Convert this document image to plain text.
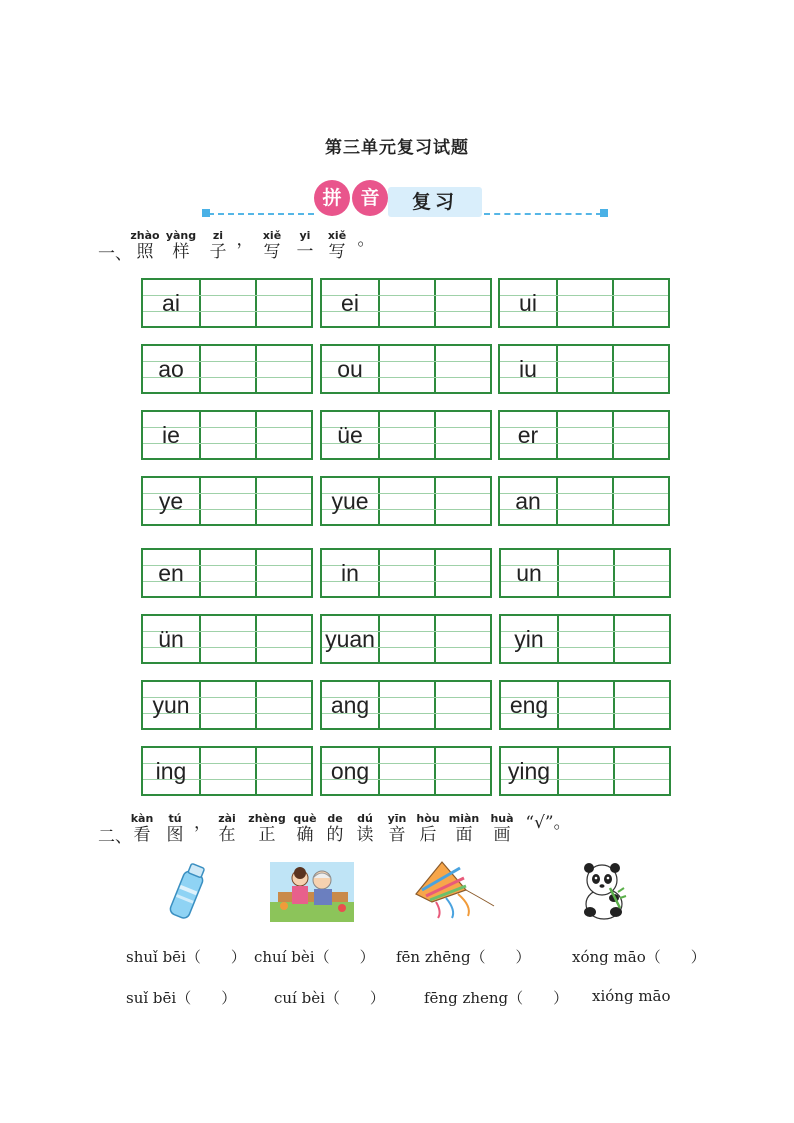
第三单元复习试题
拼 音	复习
一、
zhào
照
yàng
样
zi
子
， xiě
写
yi
一
xiě
写
。
ai	ei	ui
ao	ou	iu
ie	üe	er
ye	yue	an
en	in	un
ün	yuan	yin
yun	ang	eng
ing	ong	ying
二、
kàn
看
tú
图
， zài
在
zhèng
正
què
确
de
的
dú
读
yīn
音
hòu
后
miàn
面
huà
画
“√”。
shuǐ bēi（　　） chuí bèi（　　） fēn zhēng（　　）	xóng māo（　　）
suǐ bēi（　　）	cuí bèi（　　）	fēng zheng（　　） xióng māo
